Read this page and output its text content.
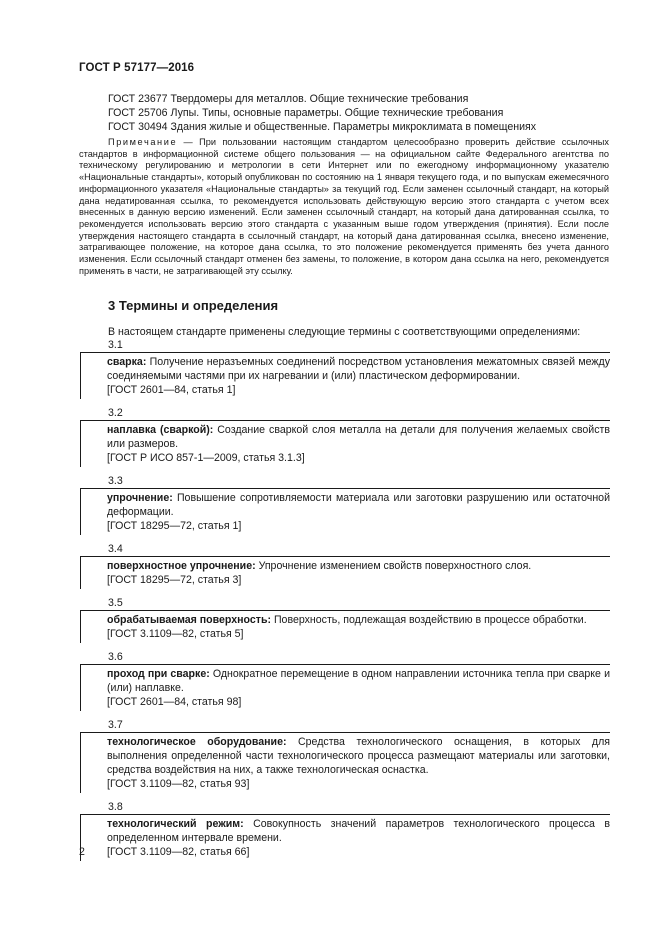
ГОСТ Р 57177—2016
ГОСТ 23677 Твердомеры для металлов. Общие технические требования
ГОСТ 25706 Лупы. Типы, основные параметры. Общие технические требования
ГОСТ 30494 Здания жилые и общественные. Параметры микроклимата в помещениях
Примечание — При пользовании настоящим стандартом целесообразно проверить действие ссылочных стандартов в информационной системе общего пользования — на официальном сайте Федерального агентства по техническому регулированию и метрологии в сети Интернет или по ежегодному информационному указателю «Национальные стандарты», который опубликован по состоянию на 1 января текущего года, и по выпускам ежемесячного информационного указателя «Национальные стандарты» за текущий год. Если заменен ссылочный стандарт, на который дана недатированная ссылка, то рекомендуется использовать действующую версию этого стандарта с учетом всех внесенных в данную версию изменений. Если заменен ссылочный стандарт, на который дана датированная ссылка, то рекомендуется использовать версию этого стандарта с указанным выше годом утверждения (принятия). Если после утверждения настоящего стандарта в ссылочный стандарт, на который дана датированная ссылка, внесено изменение, затрагивающее положение, на которое дана ссылка, то это положение рекомендуется применять без учета данного изменения. Если ссылочный стандарт отменен без замены, то положение, в котором дана ссылка на него, рекомендуется применять в части, не затрагивающей эту ссылку.
3 Термины и определения
В настоящем стандарте применены следующие термины с соответствующими определениями:
3.1
сварка: Получение неразъемных соединений посредством установления межатомных связей между соединяемыми частями при их нагревании и (или) пластическом деформировании.
[ГОСТ 2601—84, статья 1]
3.2
наплавка (сваркой): Создание сваркой слоя металла на детали для получения желаемых свойств или размеров.
[ГОСТ Р ИСО 857-1—2009, статья 3.1.3]
3.3
упрочнение: Повышение сопротивляемости материала или заготовки разрушению или остаточной деформации.
[ГОСТ 18295—72, статья 1]
3.4
поверхностное упрочнение: Упрочнение изменением свойств поверхностного слоя.
[ГОСТ 18295—72, статья 3]
3.5
обрабатываемая поверхность: Поверхность, подлежащая воздействию в процессе обработки.
[ГОСТ 3.1109—82, статья 5]
3.6
проход при сварке: Однократное перемещение в одном направлении источника тепла при сварке и (или) наплавке.
[ГОСТ 2601—84, статья 98]
3.7
технологическое оборудование: Средства технологического оснащения, в которых для выполнения определенной части технологического процесса размещают материалы или заготовки, средства воздействия на них, а также технологическая оснастка.
[ГОСТ 3.1109—82, статья 93]
3.8
технологический режим: Совокупность значений параметров технологического процесса в определенном интервале времени.
[ГОСТ 3.1109—82, статья 66]
2
